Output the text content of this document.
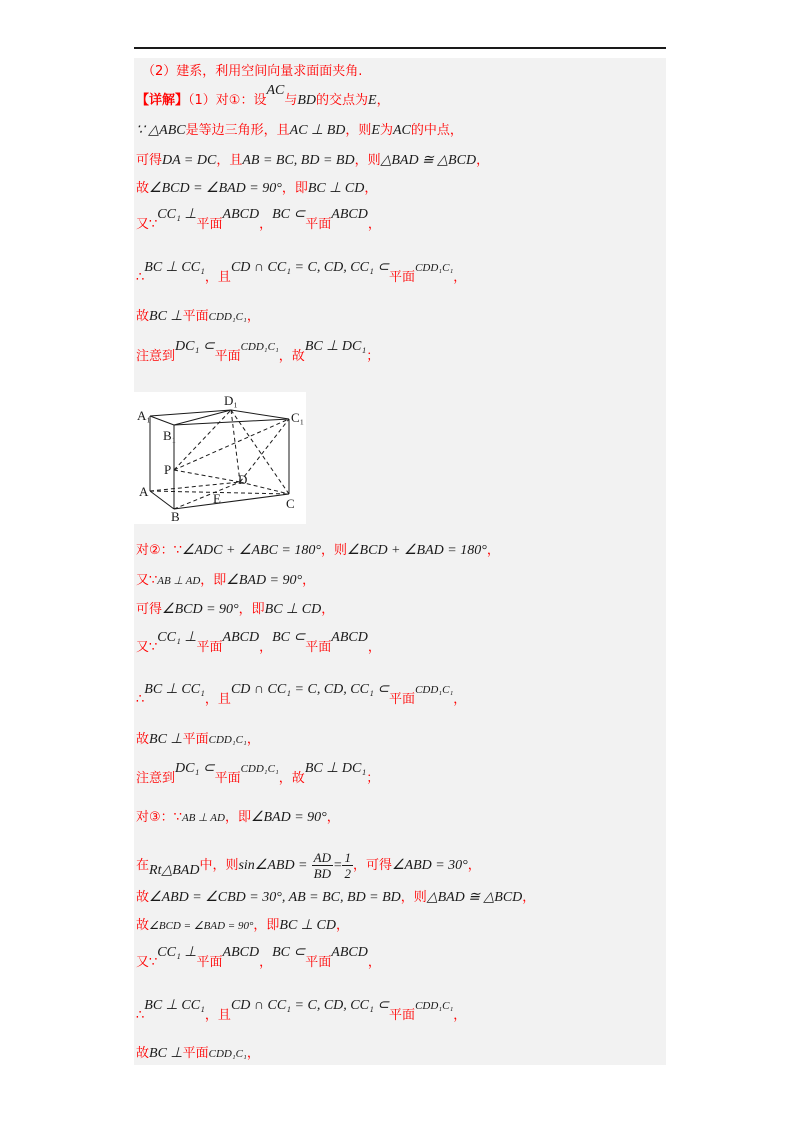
（2）建系，利用空间向量求面面夹角.
【详解】（1）对①：设AC与BD的交点为E，
∵ △ABC是等边三角形，且AC ⊥ BD，则E为AC的中点，
可得DA = DC，且AB = BC, BD = BD，则△BAD ≅ △BCD，
故∠BCD = ∠BAD = 90°，即BC ⊥ CD，
又∵CC₁ ⊥平面ABCD，BC ⊂平面ABCD，
∴BC ⊥ CC₁，且CD ∩ CC₁ = C, CD, CC₁ ⊂平面$^{CDD_1C_1}$，
故BC ⊥平面CDD₁C₁，
注意到DC₁ ⊂平面$^{CDD_1C_1}$，故BC ⊥ DC₁；
A₁
D₁
C₁
B₁
P
D
A	E	C
B
对②：∵∠ADC + ∠ABC = 180°，则∠BCD + ∠BAD = 180°，
又∵AB ⊥ AD，即∠BAD = 90°，
可得∠BCD = 90°，即BC ⊥ CD，
又∵CC₁ ⊥平面ABCD，BC ⊂平面ABCD，
∴BC ⊥ CC₁，且CD ∩ CC₁ = C, CD, CC₁ ⊂平面$^{CDD_1C_1}$，
故BC ⊥平面CDD₁C₁，
注意到DC₁ ⊂平面$^{CDD_1C_1}$，故BC ⊥ DC₁；
对③：∵AB ⊥ AD，即∠BAD = 90°，
在Rt△BAD中，则sin∠ABD = $\frac{AD}{BD} = \frac{1}{2}$ ，可得∠ABD = 30°，
故∠ABD = ∠CBD = 30°, AB = BC, BD = BD，则△BAD ≅ △BCD，
故∠BCD = ∠BAD = 90°，即BC ⊥ CD，
又∵CC₁ ⊥平面ABCD，BC ⊂平面ABCD，
∴BC ⊥ CC₁，且CD ∩ CC₁ = C, CD, CC₁ ⊂平面$^{CDD_1C_1}$，
故BC ⊥平面CDD₁C₁，
